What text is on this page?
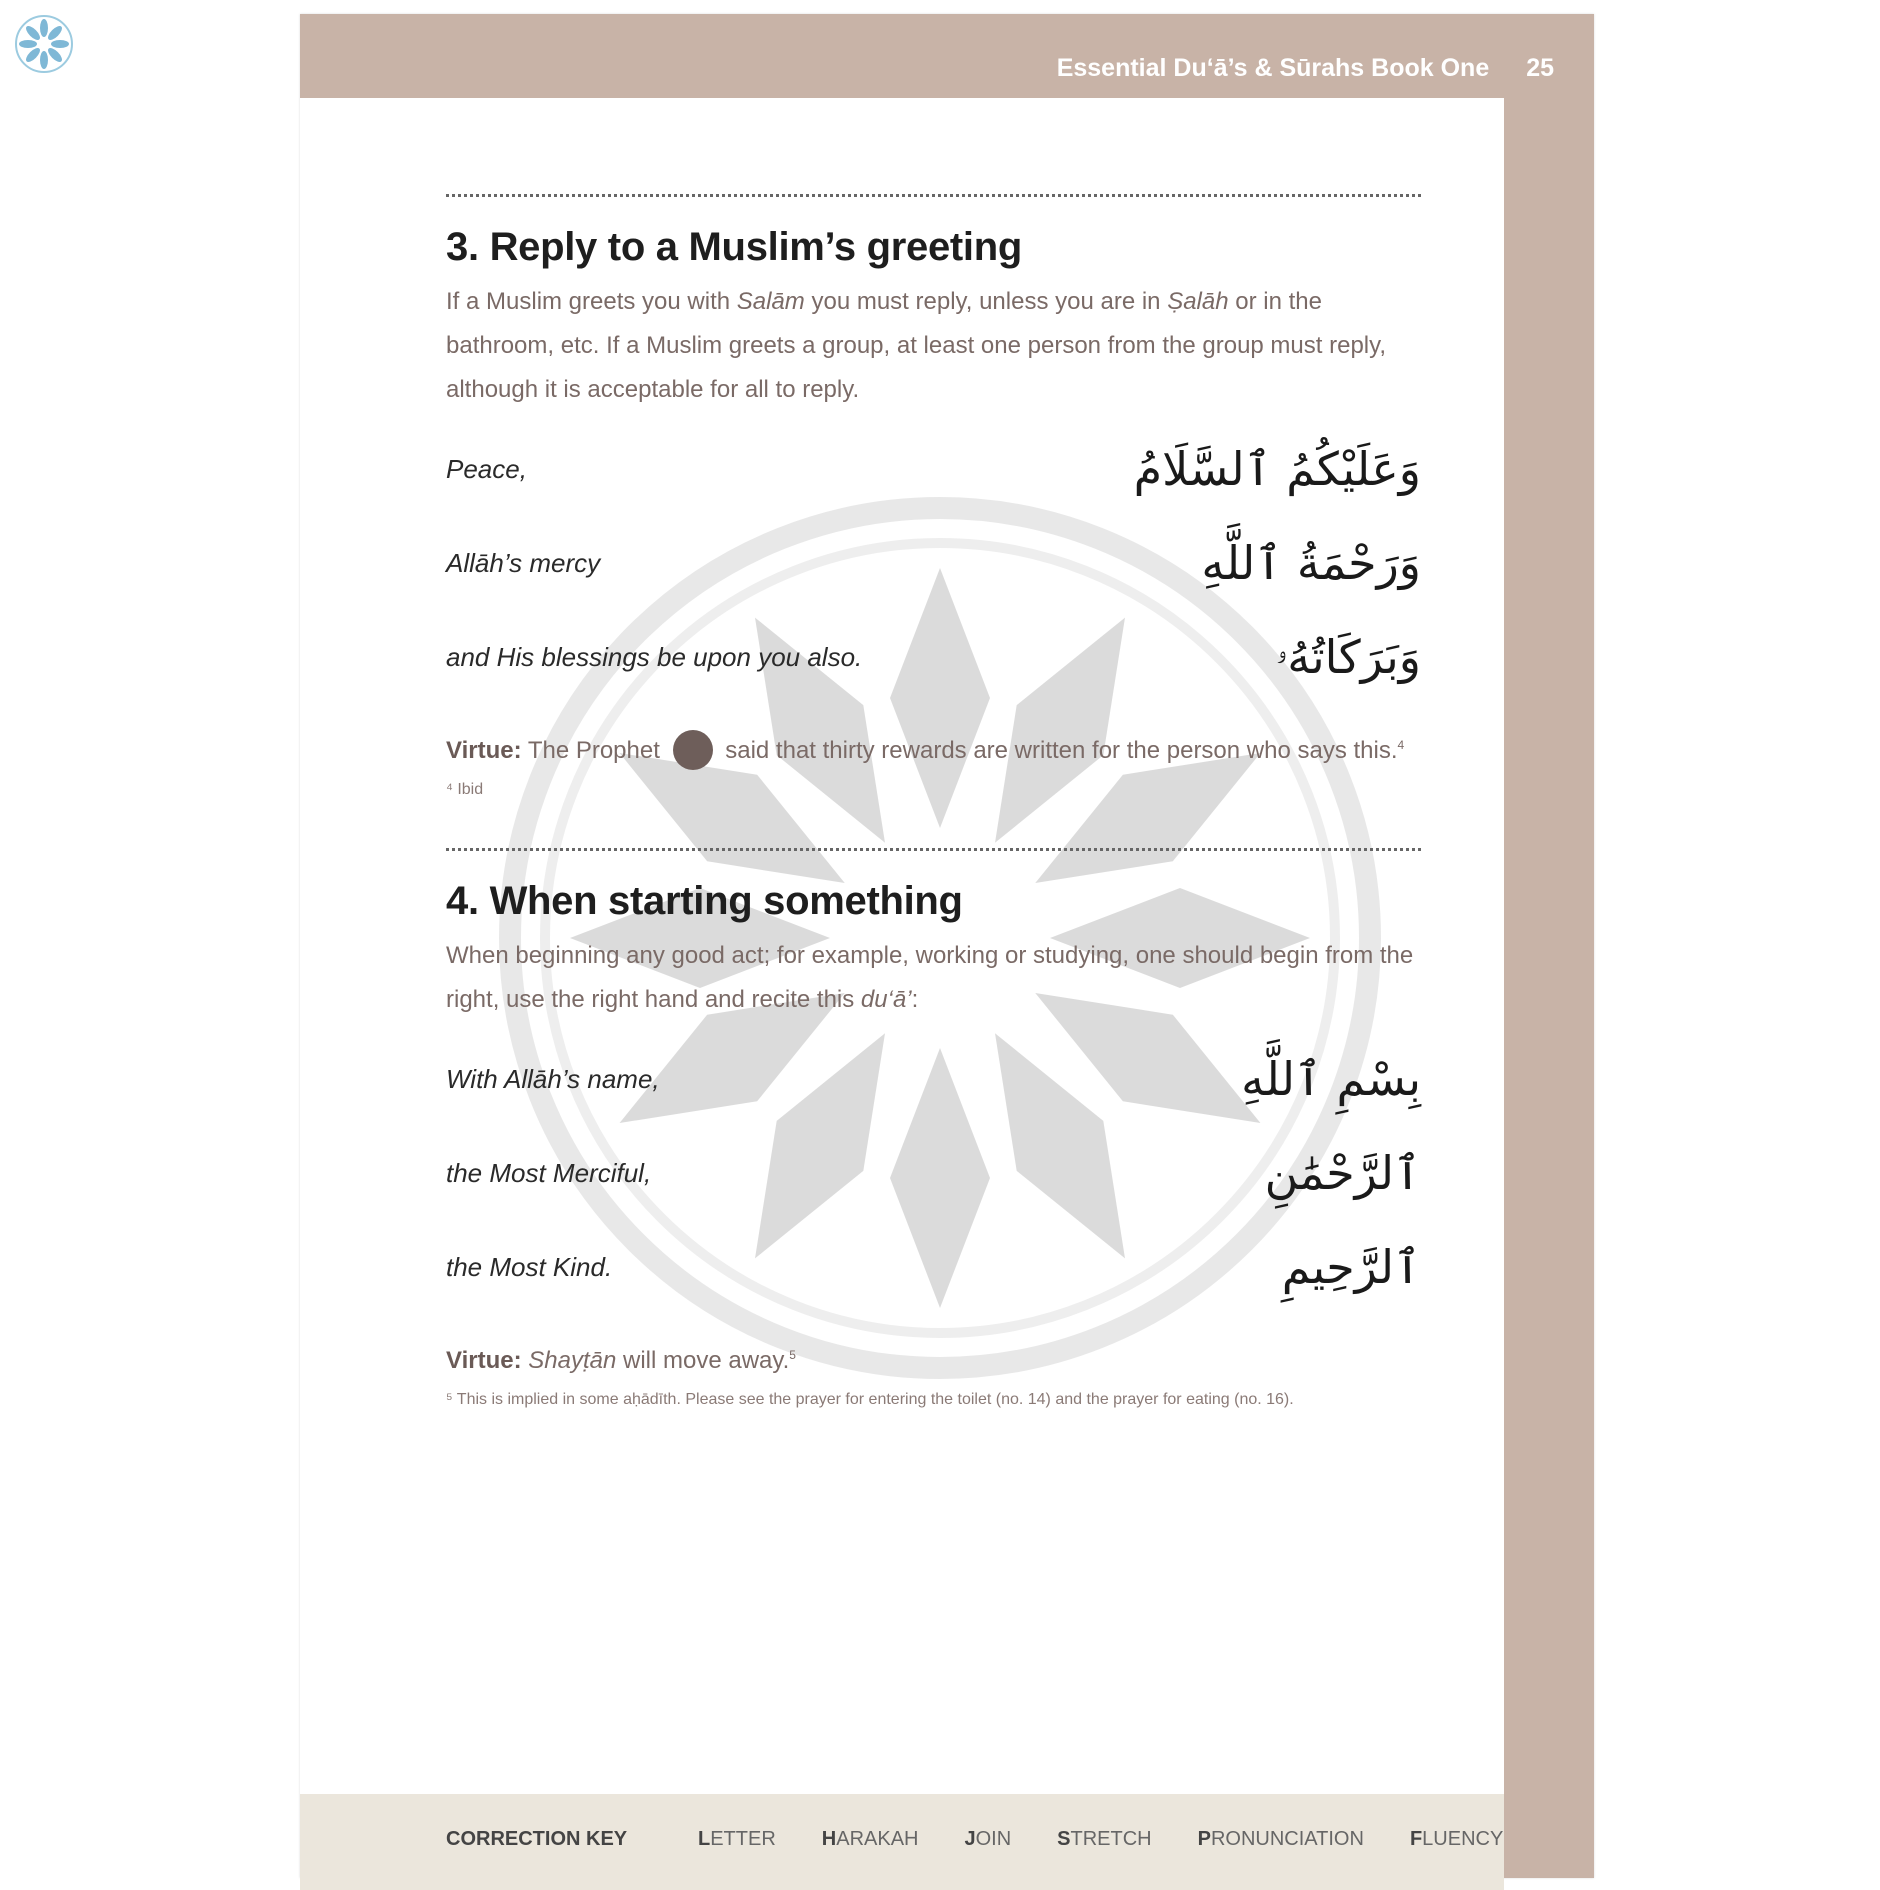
Essential Du‘ā’s & Sūrahs Book One 25
3. Reply to a Muslim’s greeting

If a Muslim greets you with Salām you must reply, unless you are in Ṣalāh or in the bathroom, etc. If a Muslim greets a group, at least one person from the group must reply, although it is acceptable for all to reply.

Peace,	وَعَلَيْكُمُ ٱلسَّلَامُ
Allāh’s mercy	وَرَحْمَةُ ٱللَّهِ
and His blessings be upon you also.	وَبَرَكَاتُهُۥ

Virtue: The Prophet  said that thirty rewards are written for the person who says this.$^4$

⁴ Ibid

4. When starting something

When beginning any good act; for example, working or studying, one should begin from the right, use the right hand and recite this du‘ā’:

With Allāh’s name,	بِسْمِ ٱللَّهِ
the Most Merciful,	ٱلرَّحْمَٰنِ
the Most Kind.	ٱلرَّحِيمِ

Virtue: Shayṭān will move away.$^5$

⁵ This is implied in some aḥādīth. Please see the prayer for entering the toilet (no. 14) and the prayer for eating (no. 16).

CORRECTION KEY	LETTER HARAKAH JOIN STRETCH PRONUNCIATION FLUENCY
